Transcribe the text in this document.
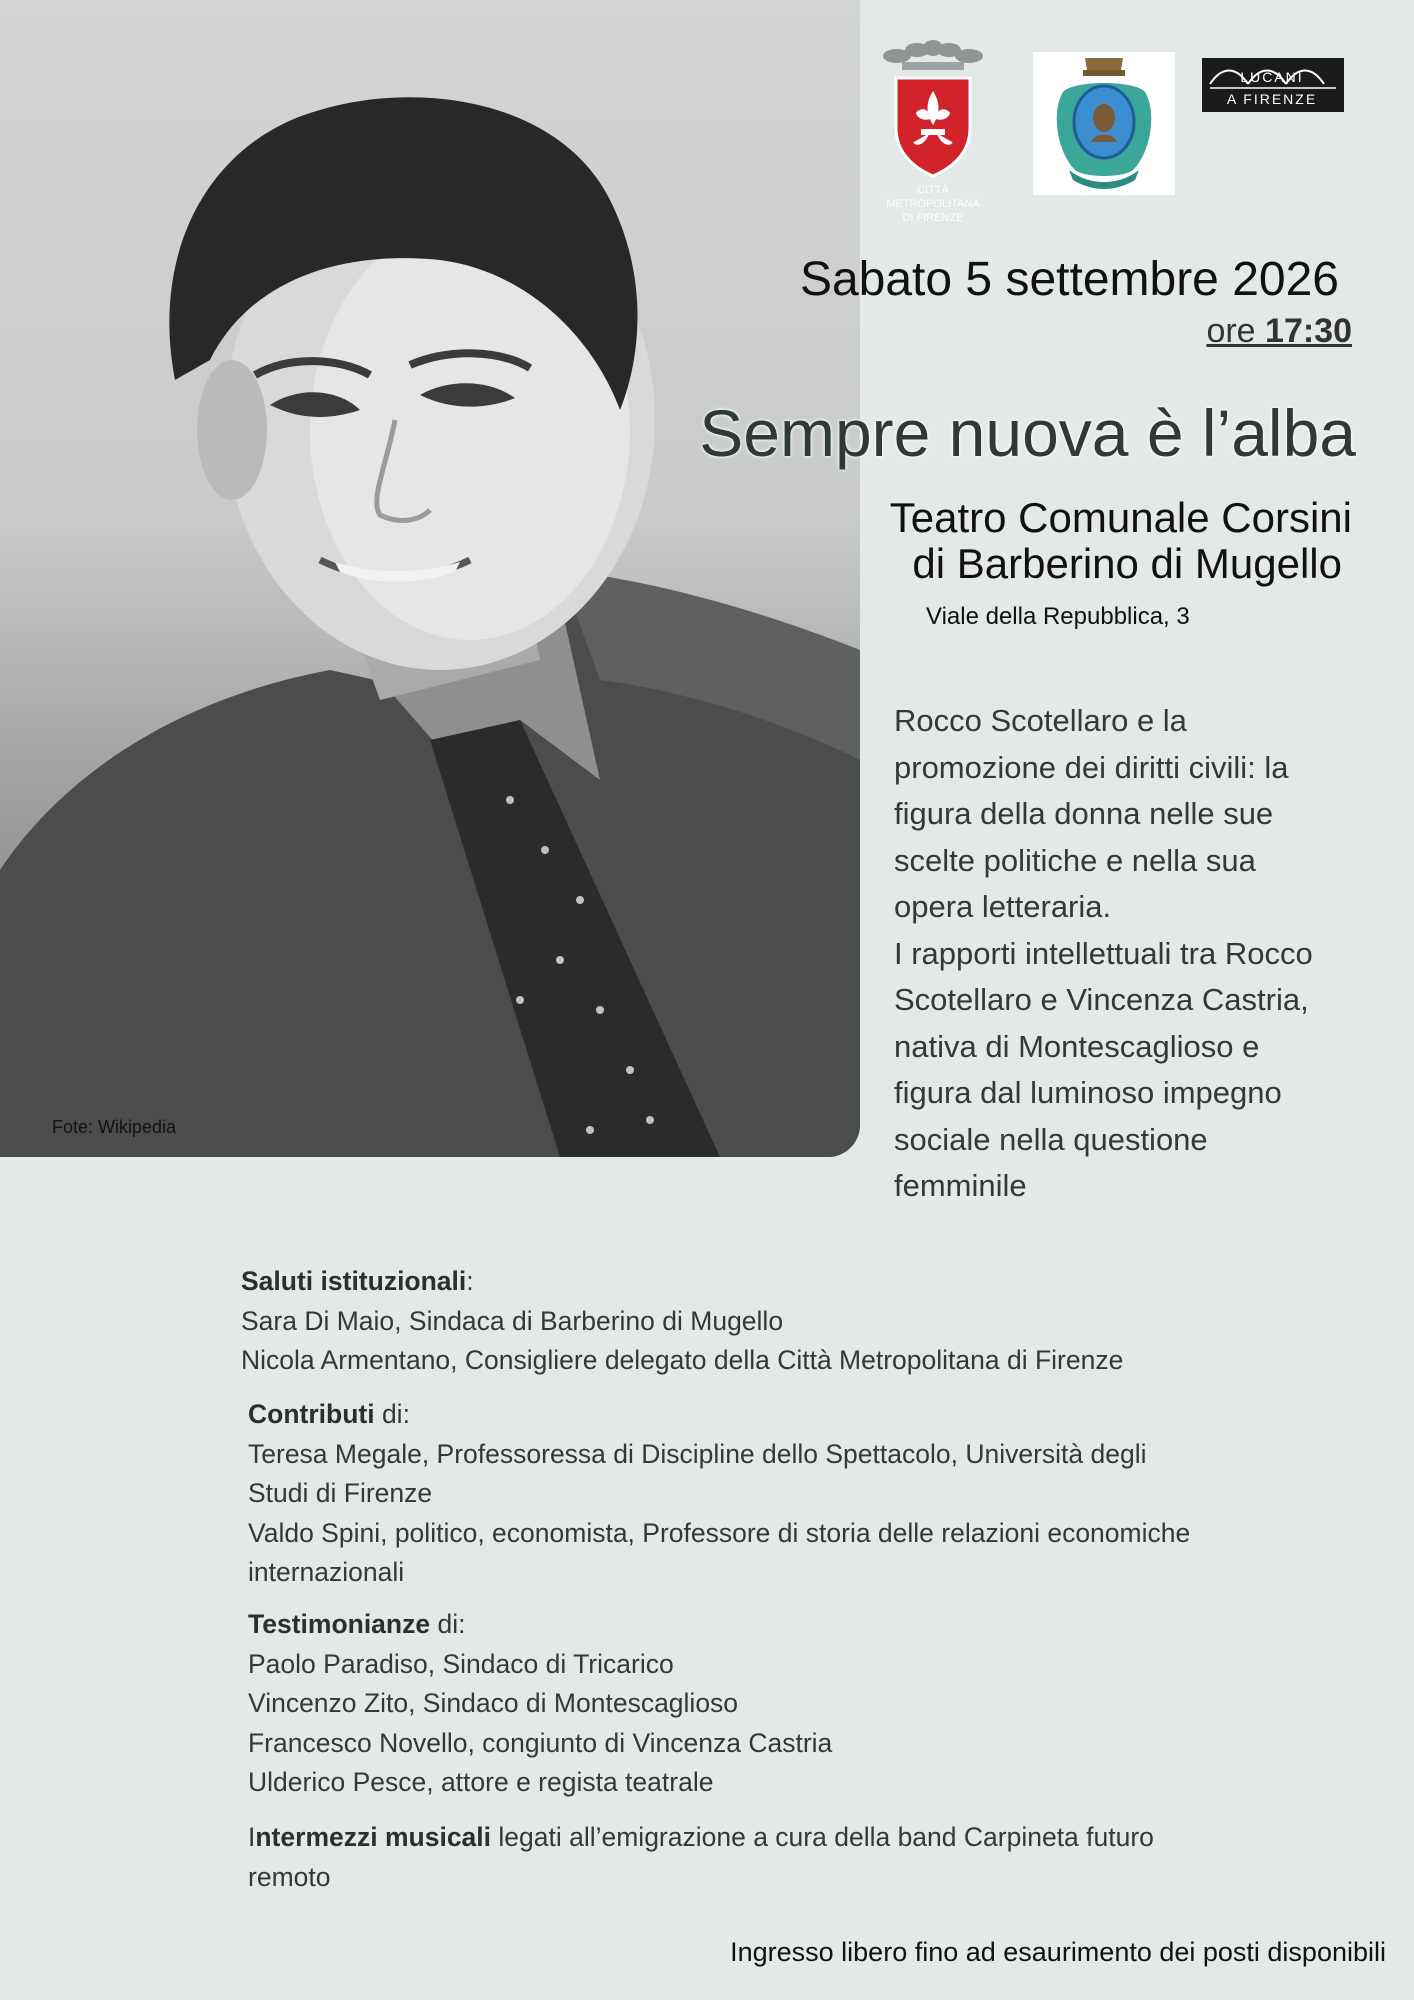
Fote: Wikipedia
CITTÀ METROPOLITANA
DI FIRENZE
LUCANI
A FIRENZE
Sabato 5 settembre 2026
ore 17:30
Sempre nuova è l’alba
Teatro Comunale Corsini
di Barberino di Mugello
Viale della Repubblica, 3

Rocco Scotellaro e la

promozione dei diritti civili: la

figura della donna nelle sue

scelte politiche e nella sua

opera letteraria.

I rapporti intellettuali tra Rocco

Scotellaro e Vincenza Castria,

nativa di Montescaglioso e

figura dal luminoso impegno

sociale nella questione

femminile

Saluti istituzionali:
Sara Di Maio, Sindaca di Barberino di Mugello
Nicola Armentano, Consigliere delegato della Città Metropolitana di Firenze
Contributi di:
Teresa Megale, Professoressa di Discipline dello Spettacolo, Università degli
Studi di Firenze
Valdo Spini, politico, economista, Professore di storia delle relazioni economiche
internazionali
Testimonianze di:
Paolo Paradiso, Sindaco di Tricarico
Vincenzo Zito, Sindaco di Montescaglioso
Francesco Novello, congiunto di Vincenza Castria
Ulderico Pesce, attore e regista teatrale
Intermezzi musicali legati all’emigrazione a cura della band Carpineta futuro
remoto
Ingresso libero fino ad esaurimento dei posti disponibili
